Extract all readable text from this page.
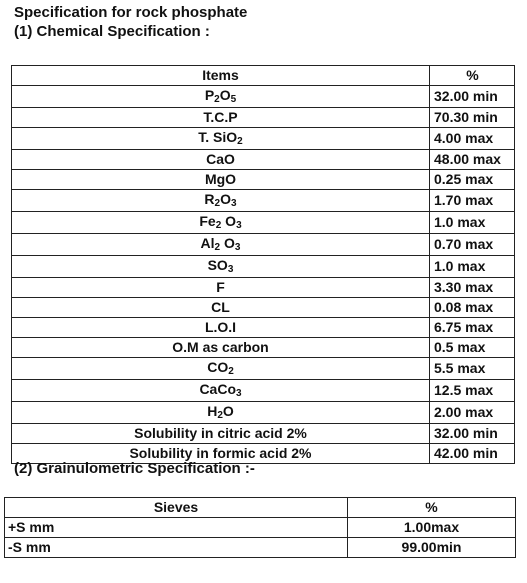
Specification for rock phosphate
(1) Chemical Specification :
Items	%
$P_2O_5$	32.00 min
T.C.P	70.30 min
T. SiO$_2$	4.00 max
CaO	48.00 max
MgO	0.25 max
$R_2O_3$	1.70 max
$Fe_2$ $O_3$	1.0 max
$Al_2$ $O_3$	0.70 max
$SO_3$	1.0 max
F	3.30 max
CL	0.08 max
L.O.I	6.75 max
O.M as carbon	0.5 max
$CO_2$	5.5 max
CaCo$_3$	12.5 max
$H_2O$	2.00 max
Solubility in citric acid 2%	32.00 min
Solubility in formic acid 2%	42.00 min
(2) Grainulometric Specification :-
Sieves	%
+S mm	1.00max
-S mm	99.00min
